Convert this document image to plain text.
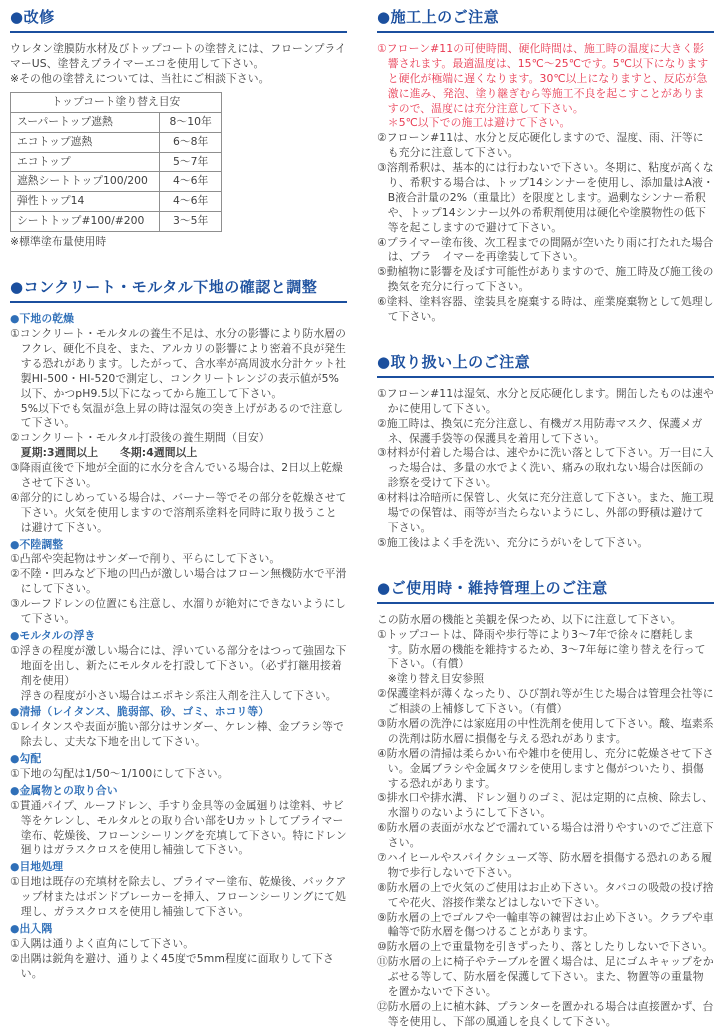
●改修
ウレタン塗膜防水材及びトップコートの塗替えには、フローンプライマーUS、塗替えプライマーエコを使用して下さい。
※その他の塗替えについては、当社にご相談下さい。
トップコート塗り替え目安	
スーパートップ遮熱	8～10年
エコトップ遮熱	6～8年
エコトップ	5～7年
遮熱シートトップ100/200	4～6年
弾性トップ14	4～6年
シートトップ#100/#200	3～5年
※標準塗布量使用時
●コンクリート・モルタル下地の確認と調整
●下地の乾燥
①コンクリート・モルタルの養生不足は、水分の影響により防水層のフクレ、硬化不良を、また、アルカリの影響により密着不良が発生する恐れがあります。したがって、含水率が高周波水分計ケット社製HI-500・HI-520で測定し、コンクリートレンジの表示値が5%以下、かつpH9.5以下になってから施工して下さい。
5%以下でも気温が急上昇の時は湿気の突き上げがあるので注意して下さい。
②コンクリート・モルタル打設後の養生期間（目安）
夏期:3週間以上　　冬期:4週間以上
③降雨直後で下地が全面的に水分を含んでいる場合は、2日以上乾燥させて下さい。
④部分的にしめっている場合は、バーナー等でその部分を乾燥させて下さい。火気を使用しますので溶剤系塗料を同時に取り扱うことは避けて下さい。
●不陸調整
①凸部や突起物はサンダーで削り、平らにして下さい。
②不陸・凹みなど下地の凹凸が激しい場合はフローン無機防水で平滑にして下さい。
③ルーフドレンの位置にも注意し、水溜りが絶対にできないようにして下さい。
●モルタルの浮き
①浮きの程度が激しい場合には、浮いている部分をはつって強固な下地面を出し、新たにモルタルを打設して下さい。（必ず打継用接着剤を使用）
浮きの程度が小さい場合はエポキシ系注入剤を注入して下さい。
●清掃（レイタンス、脆弱部、砂、ゴミ、ホコリ等）
①レイタンスや表面が脆い部分はサンダー、ケレン棒、金ブラシ等で除去し、丈夫な下地を出して下さい。
●勾配
①下地の勾配は1/50～1/100にして下さい。
●金属物との取り合い
①貫通パイプ、ルーフドレン、手すり金具等の金属廻りは塗料、サビ等をケレンし、モルタルとの取り合い部をUカットしてプライマー塗布、乾燥後、フローンシーリングを充填して下さい。特にドレン廻りはガラスクロスを使用し補強して下さい。
●目地処理
①目地は既存の充填材を除去し、プライマー塗布、乾燥後、バックアップ材またはボンドブレーカーを挿入、フローンシーリングにて処理し、ガラスクロスを使用し補強して下さい。
●出入隅
①入隅は通りよく直角にして下さい。
②出隅は鋭角を避け、通りよく45度で5mm程度に面取りして下さい。
●施工上のご注意
①フローン#11の可使時間、硬化時間は、施工時の温度に大きく影響されます。最適温度は、15℃～25℃です。5℃以下になりますと硬化が極端に遅くなります。30℃以上になりますと、反応が急激に進み、発泡、塗り継ぎむら等施工不良を起こすことがありますので、温度には充分注意して下さい。
＊5℃以下での施工は避けて下さい。
②フローン#11は、水分と反応硬化しますので、湿度、雨、汗等にも充分に注意して下さい。
③溶剤希釈は、基本的には行わないで下さい。冬期に、粘度が高くなり、希釈する場合は、トップ14シンナーを使用し、添加量はA液・B液合計量の2%（重量比）を限度とします。過剰なシンナー希釈や、トップ14シンナー以外の希釈剤使用は硬化や塗膜物性の低下等を起こしますので避けて下さい。
④プライマー塗布後、次工程までの間隔が空いたり雨に打たれた場合は、プラ　イマーを再塗装して下さい。
⑤動植物に影響を及ぼす可能性がありますので、施工時及び施工後の換気を充分に行って下さい。
⑥塗料、塗料容器、塗装具を廃棄する時は、産業廃棄物として処理して下さい。
●取り扱い上のご注意
①フローン#11は湿気、水分と反応硬化します。開缶したものは速やかに使用して下さい。
②施工時は、換気に充分注意し、有機ガス用防毒マスク、保護メガネ、保護手袋等の保護具を着用して下さい。
③材料が付着した場合は、速やかに洗い落として下さい。万一目に入った場合は、多量の水でよく洗い、痛みの取れない場合は医師の診察を受けて下さい。
④材料は冷暗所に保管し、火気に充分注意して下さい。また、施工現場での保管は、雨等が当たらないようにし、外部の野積は避けて下さい。
⑤施工後はよく手を洗い、充分にうがいをして下さい。
●ご使用時・維持管理上のご注意
この防水層の機能と美観を保つため、以下に注意して下さい。
①トップコートは、降雨や歩行等により3～7年で徐々に磨耗します。防水層の機能を維持するため、3～7年毎に塗り替えを行って下さい。（有償）
※塗り替え目安参照
②保護塗料が薄くなったり、ひび割れ等が生じた場合は管理会社等にご相談の上補修して下さい。（有償）
③防水層の洗浄には家庭用の中性洗剤を使用して下さい。酸、塩素系の洗剤は防水層に損傷を与える恐れがあります。
④防水層の清掃は柔らかい布や雑巾を使用し、充分に乾燥させて下さい。金属ブラシや金属タワシを使用しますと傷がついたり、損傷する恐れがあります。
⑤排水口や排水溝、ドレン廻りのゴミ、泥は定期的に点検、除去し、水溜りのないようにして下さい。
⑥防水層の表面が水などで濡れている場合は滑りやすいのでご注意下さい。
⑦ハイヒールやスパイクシューズ等、防水層を損傷する恐れのある履物で歩行しないで下さい。
⑧防水層の上で火気のご使用はお止め下さい。タバコの吸殻の投げ捨てや花火、溶接作業などはしないで下さい。
⑨防水層の上でゴルフや一輪車等の練習はお止め下さい。クラブや車輪等で防水層を傷つけることがあります。
⑩防水層の上で重量物を引きずったり、落としたりしないで下さい。
⑪防水層の上に椅子やテーブルを置く場合は、足にゴムキャップをかぶせる等して、防水層を保護して下さい。また、物置等の重量物を置かないで下さい。
⑫防水層の上に植木鉢、プランターを置かれる場合は直接置かず、台等を使用し、下部の風通しを良くして下さい。
